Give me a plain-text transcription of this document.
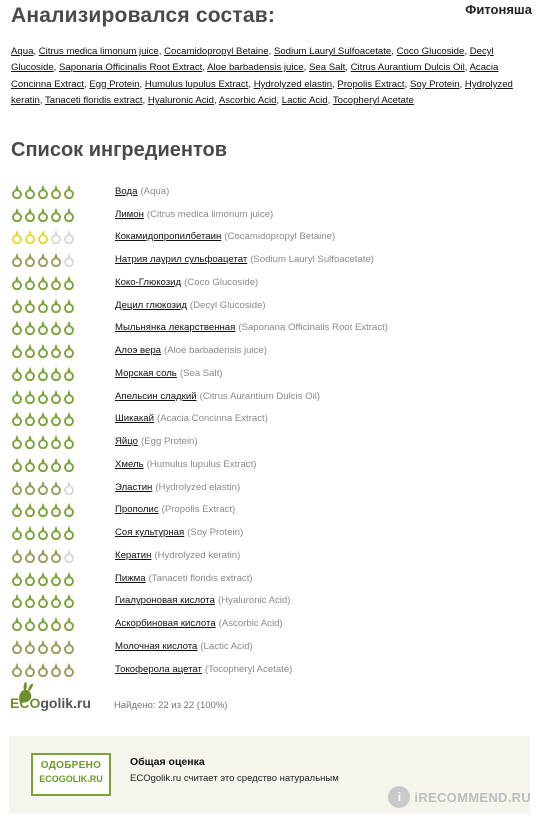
Фитоняша
Анализировался состав:
Aqua, Citrus medica limonum juice, Cocamidopropyl Betaine, Sodium Lauryl Sulfoacetate, Coco Glucoside, Decyl Glucoside, Saponaria Officinalis Root Extract, Aloe barbadensis juice, Sea Salt, Citrus Aurantium Dulcis Oil, Acacia Concinna Extract, Egg Protein, Humulus lupulus Extract, Hydrolyzed elastin, Propolis Extract, Soy Protein, Hydrolyzed keratin, Tanaceti floridis extract, Hyaluronic Acid, Ascorbic Acid, Lactic Acid, Tocopheryl Acetate
Список ингредиентов
Вода (Aqua)
Лимон (Citrus medica limonum juice)
Кокамидопропилбетаин (Cocamidopropyl Betaine)
Натрия лаурил сульфоацетат (Sodium Lauryl Sulfoacetate)
Коко-Глюкозид (Coco Glucoside)
Децил глюкозид (Decyl Glucoside)
Мыльнянка лекарственная (Saponaria Officinalis Root Extract)
Алоэ вера (Aloe barbadensis juice)
Морская соль (Sea Salt)
Апельсин сладкий (Citrus Aurantium Dulcis Oil)
Шикакай (Acacia Concinna Extract)
Яйцо (Egg Protein)
Хмель (Humulus lupulus Extract)
Эластин (Hydrolyzed elastin)
Прополис (Propolis Extract)
Соя культурная (Soy Protein)
Кератин (Hydrolyzed keratin)
Пижма (Tanaceti floridis extract)
Гиалуроновая кислота (Hyaluronic Acid)
Аскорбиновая кислота (Ascorbic Acid)
Молочная кислота (Lactic Acid)
Токоферола ацетат (Tocopheryl Acetate)
ECOgolik.ru Найдено: 22 из 22 (100%)
ОДОБРЕНО
ECOGOLIK.RU
Общая оценка
ECOgolik.ru считает это средство натуральным
i	iRECOMMEND.RU
